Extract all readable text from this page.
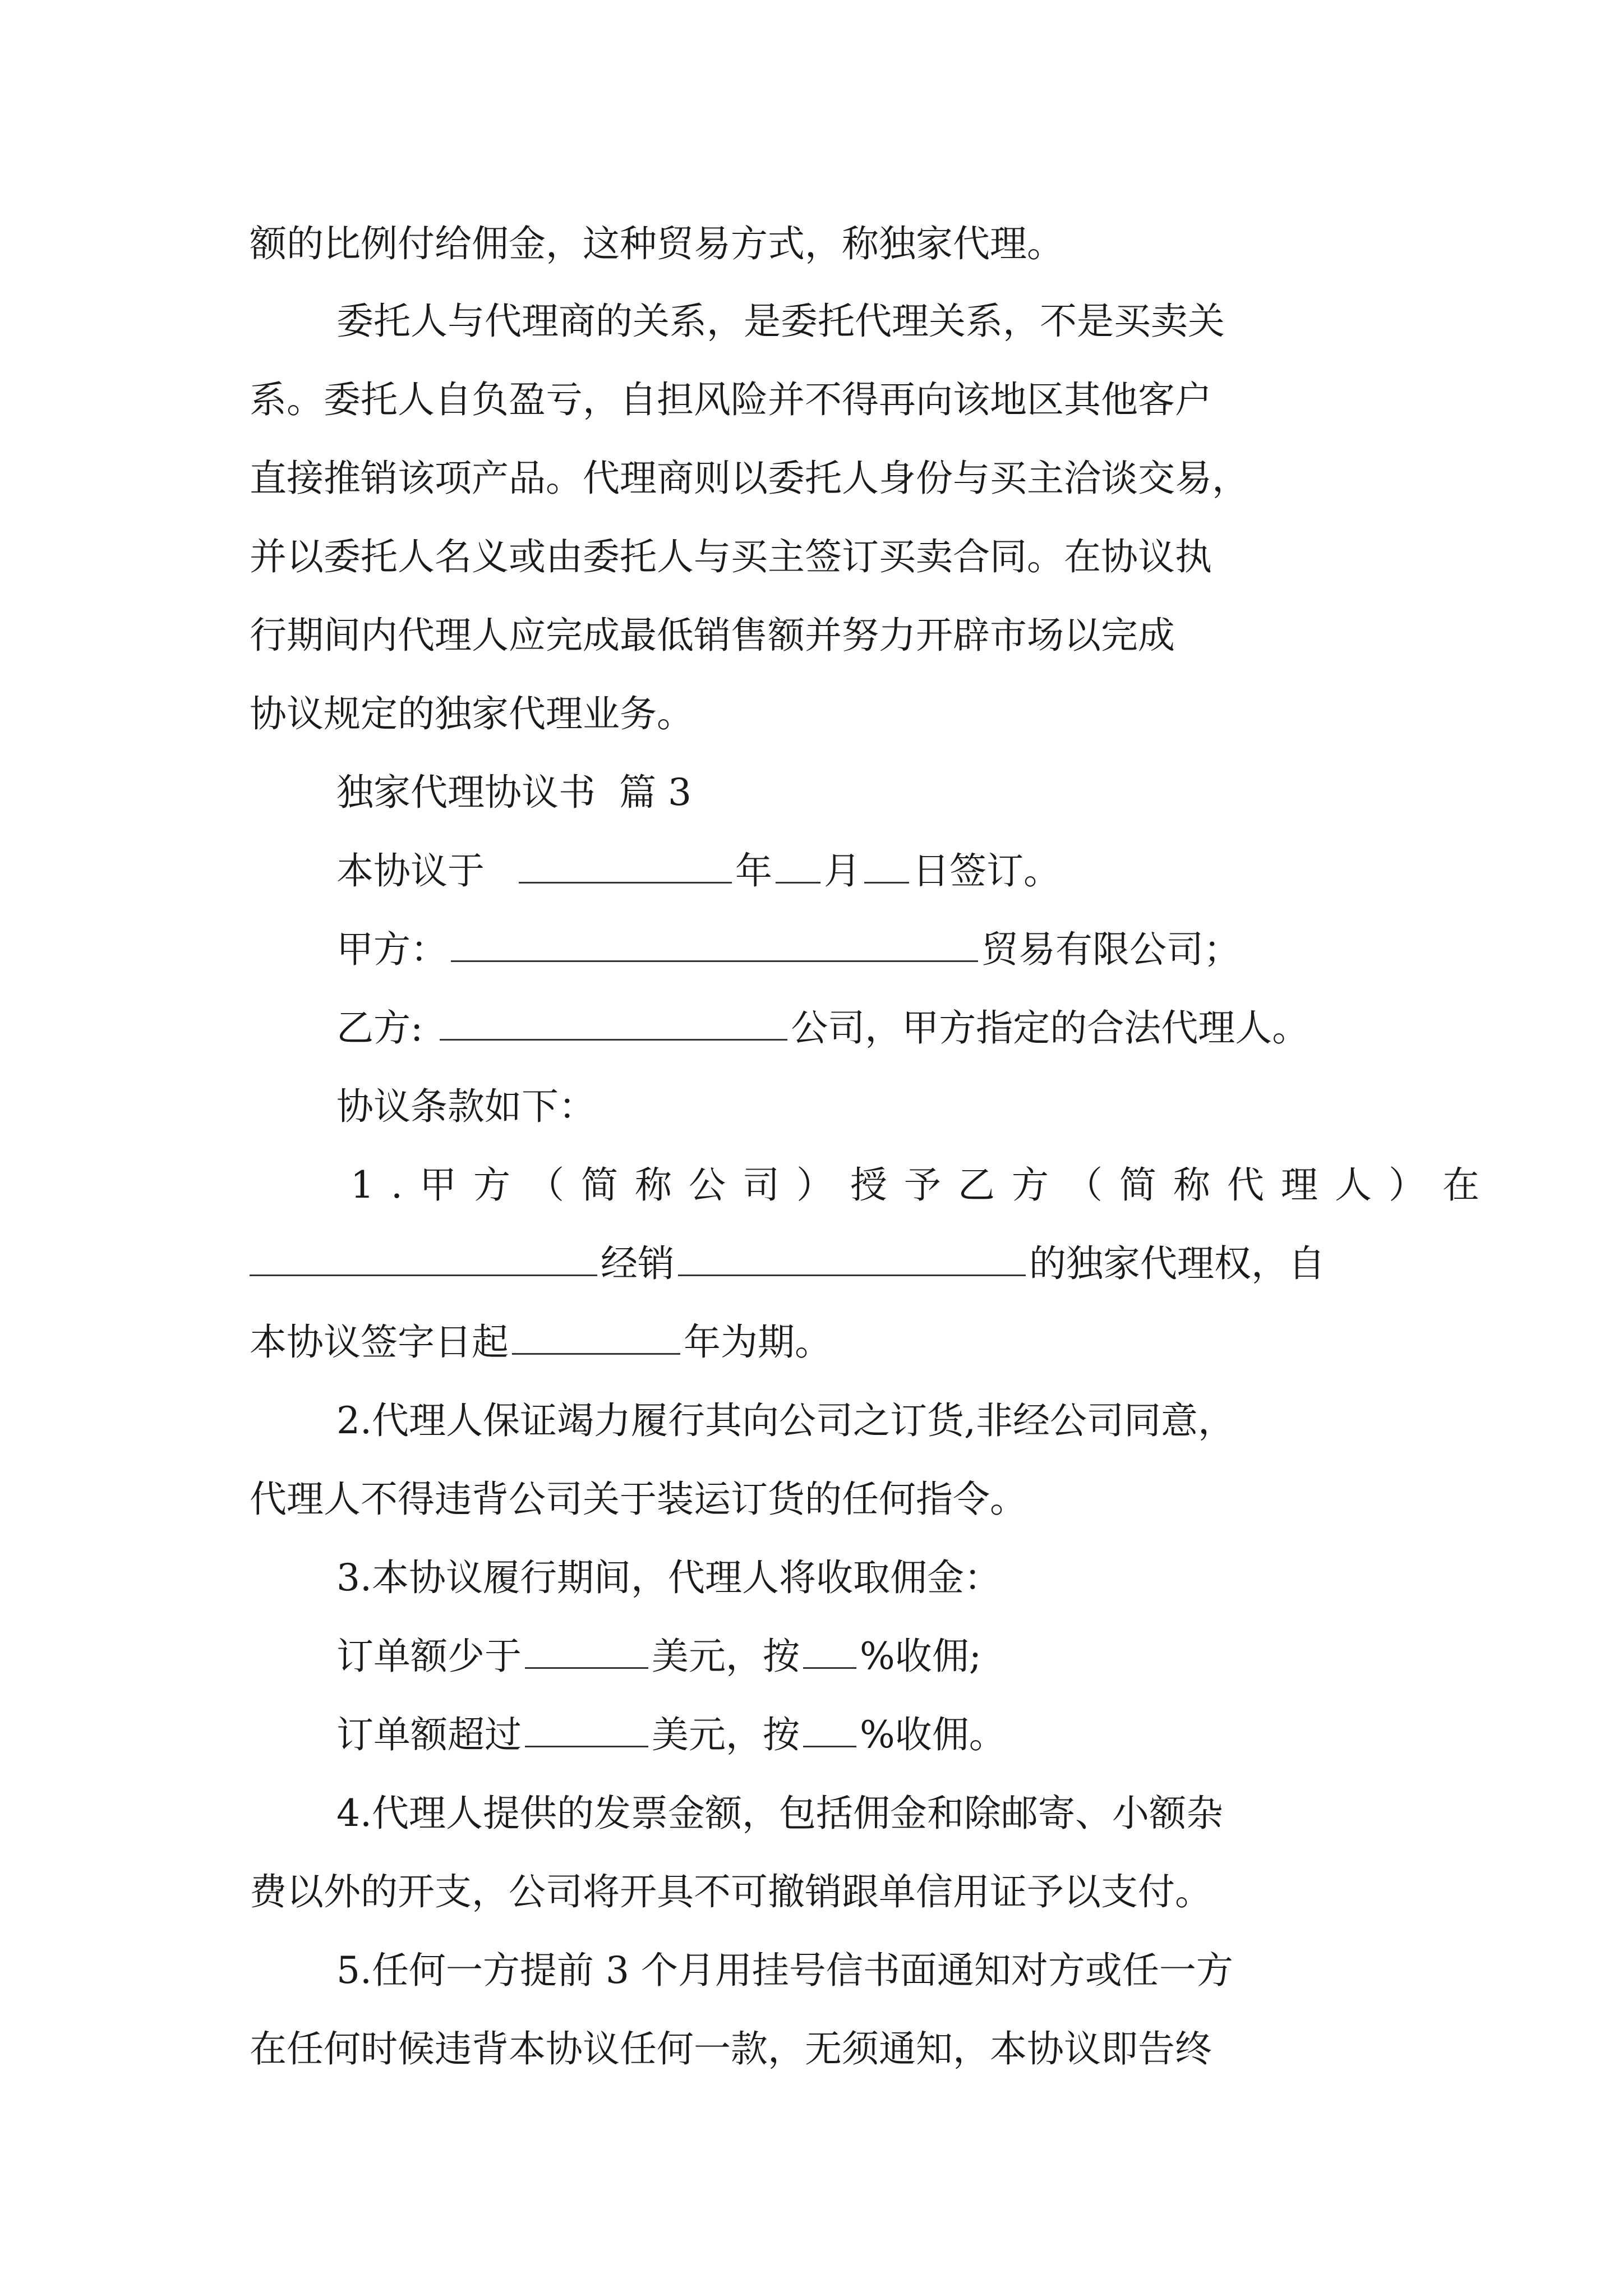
额的比例付给佣金，这种贸易方式，称独家代理。
委托人与代理商的关系，是委托代理关系，不是买卖关
系。委托人自负盈亏，自担风险并不得再向该地区其他客户
直接推销该项产品。代理商则以委托人身份与买主洽谈交易，
并以委托人名义或由委托人与买主签订买卖合同。在协议执
行期间内代理人应完成最低销售额并努力开辟市场以完成
协议规定的独家代理业务。
独家代理协议书  篇 3
本协议于	年 月 日签订。
甲方：	贸易有限公司；
乙方:	公司，甲方指定的合法代理人。
协议条款如下：
1.甲方（简称公司）授予乙方（简称代理人）在
经销	的独家代理权，自
本协议签字日起	年为期。
2.代理人保证竭力履行其向公司之订货,非经公司同意，
代理人不得违背公司关于装运订货的任何指令。
3.本协议履行期间，代理人将收取佣金：
订单额少于	美元，按 %收佣;
订单额超过	美元，按 %收佣。
4.代理人提供的发票金额，包括佣金和除邮寄、小额杂
费以外的开支，公司将开具不可撤销跟单信用证予以支付。
5.任何一方提前 3 个月用挂号信书面通知对方或任一方
在任何时候违背本协议任何一款，无须通知，本协议即告终
